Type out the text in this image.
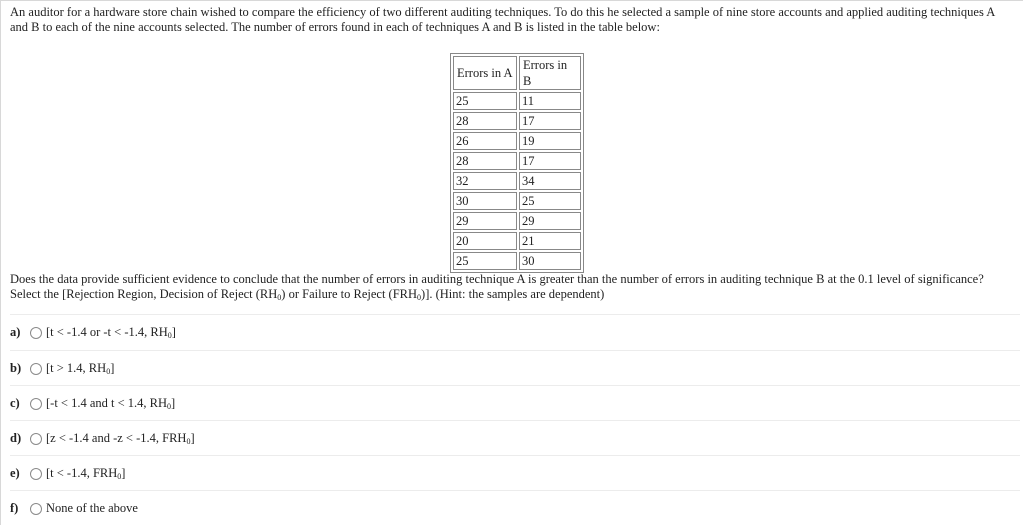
An auditor for a hardware store chain wished to compare the efficiency of two different auditing techniques. To do this he selected a sample of nine store accounts and applied auditing techniques A and B to each of the nine accounts selected. The number of errors found in each of techniques A and B is listed in the table below:

Errors in A	Errors in B
25	11
28	17
26	19
28	17
32	34
30	25
29	29
20	21
25	30

Does the data provide sufficient evidence to conclude that the number of errors in auditing technique A is greater than the number of errors in auditing technique B at the 0.1 level of significance? Select the [Rejection Region, Decision of Reject $(RH_0)$ or Failure to Reject $(FRH_0)$]. (Hint: the samples are dependent)

a)	[t < -1.4 or -t < -1.4, $RH_0$]
b)	[t > 1.4, $RH_0$]
c)	[-t < 1.4 and t < 1.4, $RH_0$]
d)	[z < -1.4 and -z < -1.4, $FRH_0$]
e)	[t < -1.4, $FRH_0$]
f)	None of the above
